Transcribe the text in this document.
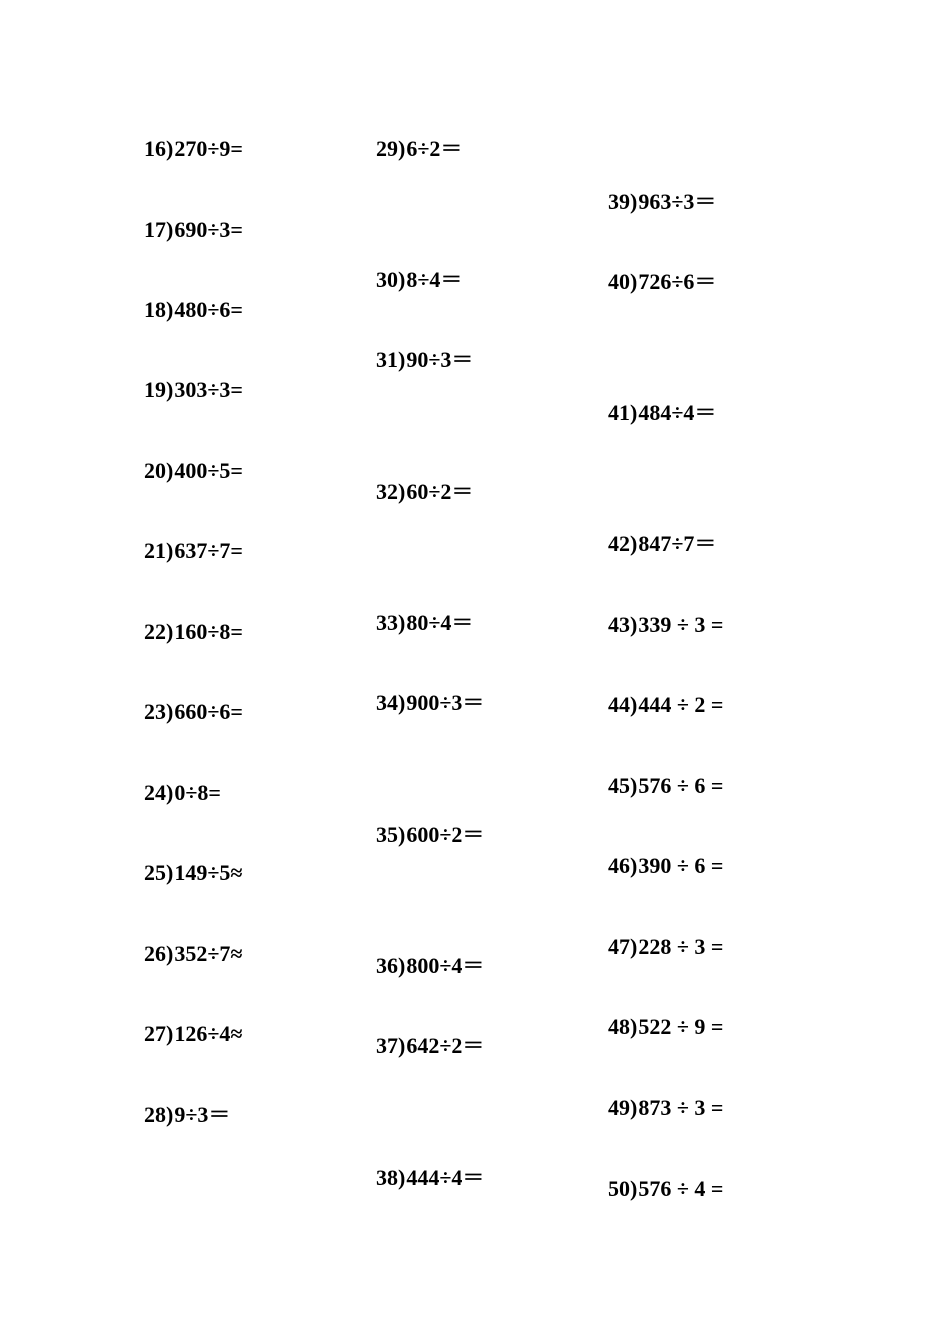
16)270÷9=
17)690÷3=
18)480÷6=
19)303÷3=
20)400÷5=
21)637÷7=
22)160÷8=
23)660÷6=
24)0÷8=
25)149÷5≈
26)352÷7≈
27)126÷4≈
28)9÷3＝
29)6÷2＝
30)8÷4＝
31)90÷3＝
32)60÷2＝
33)80÷4＝
34)900÷3＝
35)600÷2＝
36)800÷4＝
37)642÷2＝
38)444÷4＝
39)963÷3＝
40)726÷6＝
41)484÷4＝
42)847÷7＝
43)339 ÷ 3 =
44)444 ÷ 2 =
45)576 ÷ 6 =
46)390 ÷ 6 =
47)228 ÷ 3 =
48)522 ÷ 9 =
49)873 ÷ 3 =
50)576 ÷ 4 =
